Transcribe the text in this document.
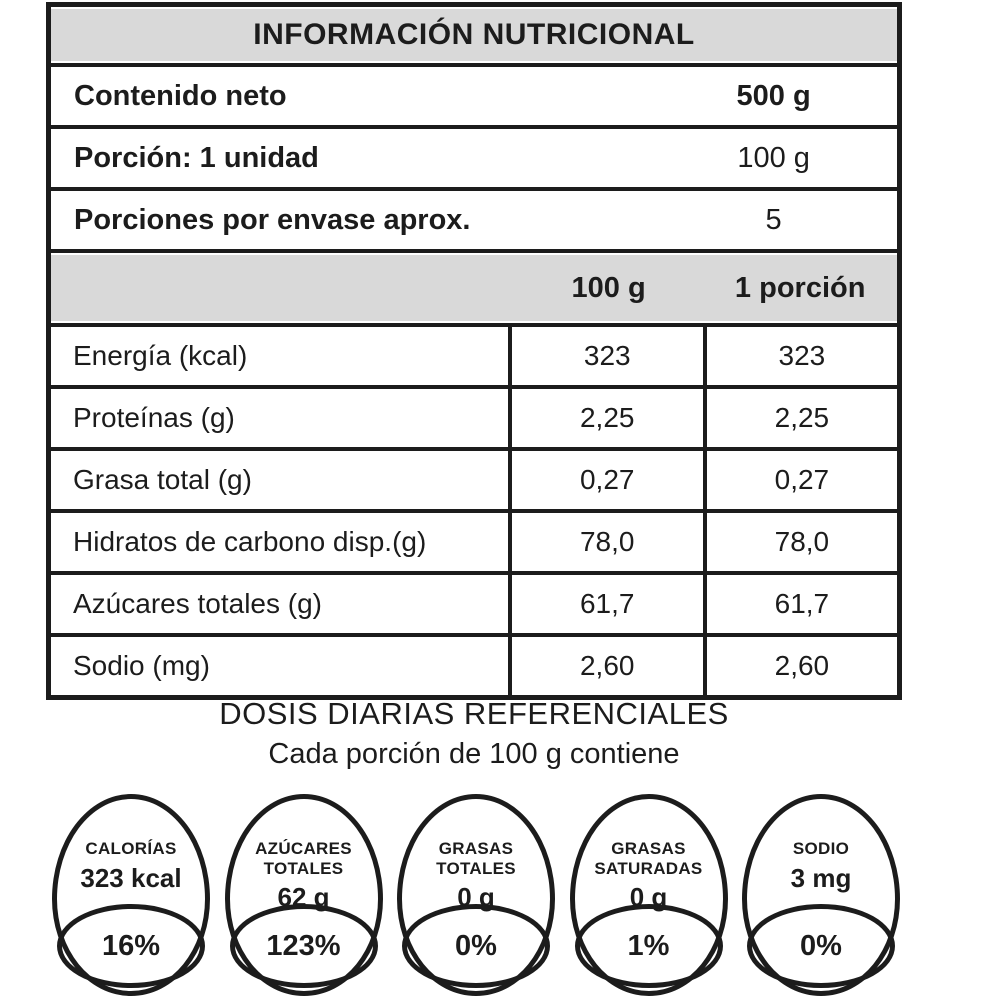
INFORMACIÓN NUTRICIONAL		

Contenido neto 500 g		

Porción: 1 unidad 100 g		

Porciones por envase aprox. 5		

100 g 1 porción		

Energía (kcal)	323	323
Proteínas (g)	2,25	2,25
Grasa total (g)	0,27	0,27
Hidratos de carbono disp.(g)	78,0	78,0
Azúcares totales (g)	61,7	61,7
Sodio (mg)	2,60	2,60
DOSIS DIARIAS REFERENCIALES
Cada porción de 100 g contiene
CALORÍAS
323 kcal
16%
AZÚCARES TOTALES
62 g
123%
GRASAS TOTALES
0 g
0%
GRASAS SATURADAS
0 g
1%
SODIO
3 mg
0%
